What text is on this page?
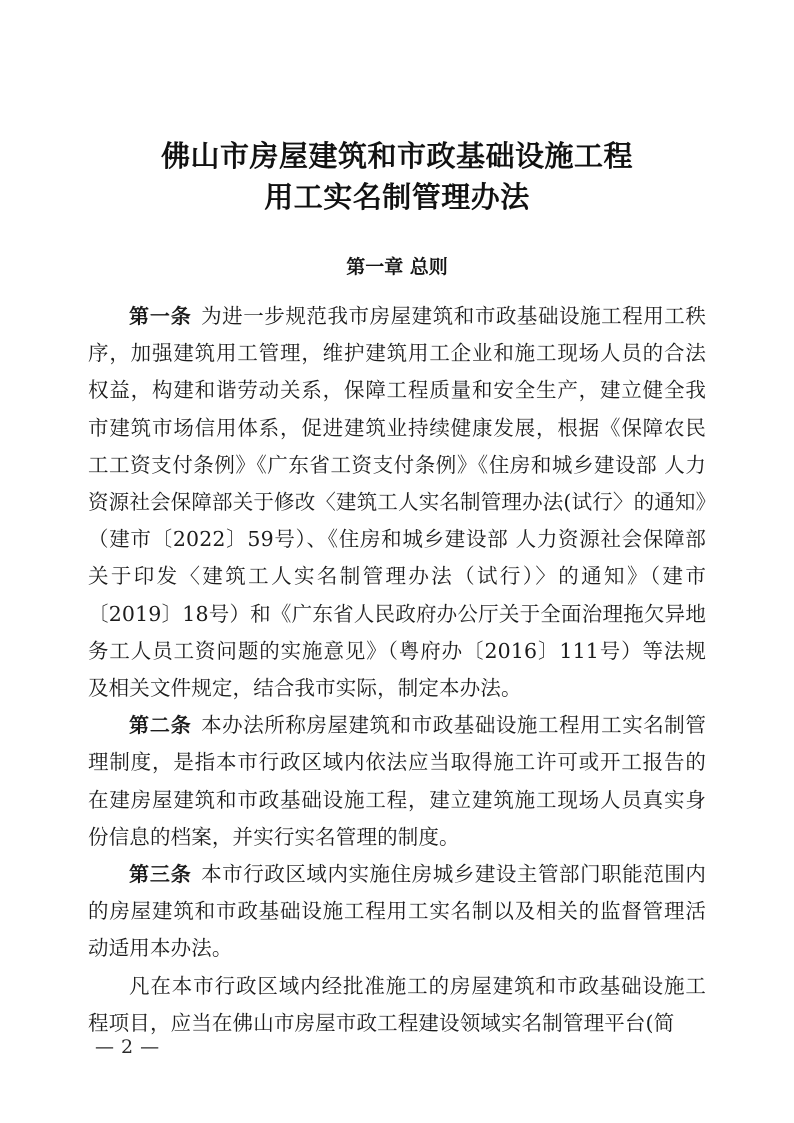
佛山市房屋建筑和市政基础设施工程
用工实名制管理办法
第一章 总则

第一条 为进一步规范我市房屋建筑和市政基础设施工程用工秩序，加强建筑用工管理，维护建筑用工企业和施工现场人员的合法权益，构建和谐劳动关系，保障工程质量和安全生产，建立健全我市建筑市场信用体系，促进建筑业持续健康发展，根据《保障农民工工资支付条例》《广东省工资支付条例》《住房和城乡建设部 人力资源社会保障部关于修改〈建筑工人实名制管理办法(试行〉的通知》（建市〔2022〕59号）、《住房和城乡建设部 人力资源社会保障部关于印发〈建筑工人实名制管理办法（试行）〉的通知》（建市〔2019〕18号）和《广东省人民政府办公厅关于全面治理拖欠异地务工人员工资问题的实施意见》（粤府办〔2016〕111号）等法规及相关文件规定，结合我市实际，制定本办法。

第二条 本办法所称房屋建筑和市政基础设施工程用工实名制管理制度，是指本市行政区域内依法应当取得施工许可或开工报告的在建房屋建筑和市政基础设施工程，建立建筑施工现场人员真实身份信息的档案，并实行实名管理的制度。

第三条 本市行政区域内实施住房城乡建设主管部门职能范围内的房屋建筑和市政基础设施工程用工实名制以及相关的监督管理活动适用本办法。

凡在本市行政区域内经批准施工的房屋建筑和市政基础设施工程项目，应当在佛山市房屋市政工程建设领域实名制管理平台(简

— 2 —
